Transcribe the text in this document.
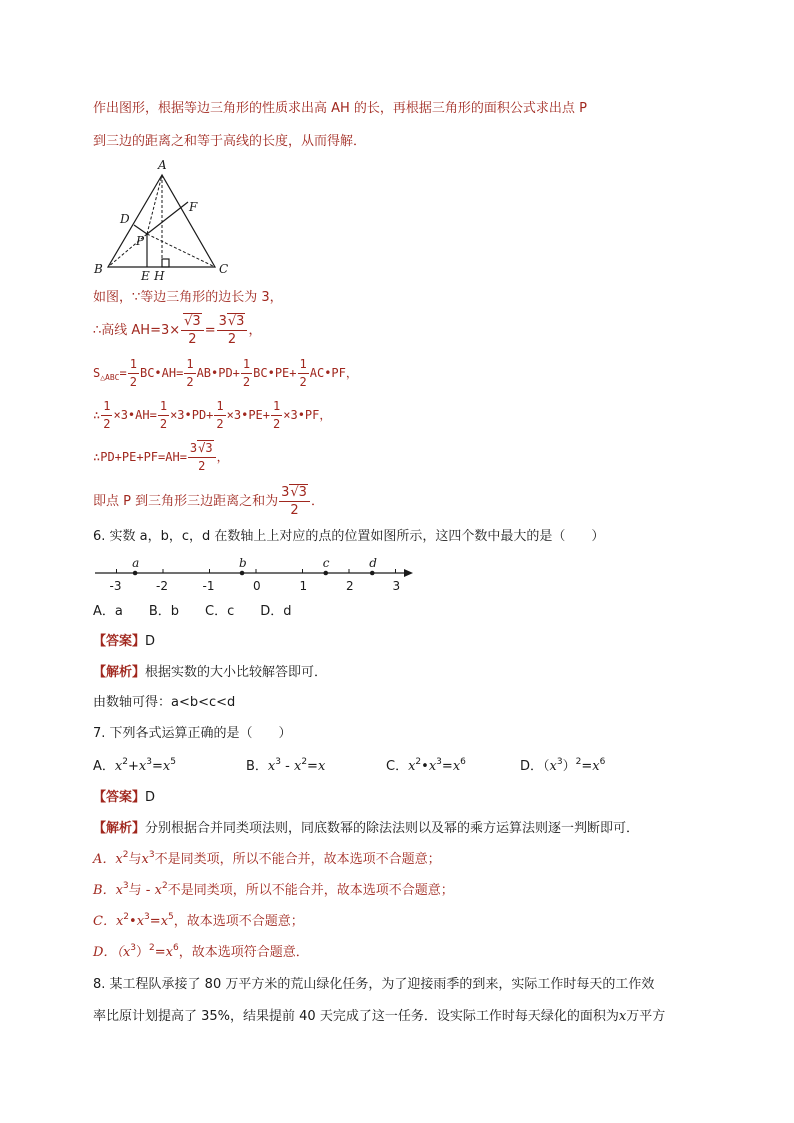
作出图形，根据等边三角形的性质求出高 AH 的长，再根据三角形的面积公式求出点 P
到三边的距离之和等于高线的长度，从而得解．
A
B	C
D
F
P
E H
如图，∵等边三角形的边长为 3，
∴高线 $AH=3\times \frac{√3}{2} = \frac{3√3}{2}$ ，
$S_{\triangle ABC}= \frac{1}{2}$ BC•AH= $\frac{1}{2}$ AB•PD+ $\frac{1}{2}$ BC•PE+ $\frac{1}{2}$ AC•PF，
∴ $\frac{1}{2}$ ×3•AH= $\frac{1}{2}$ ×3•PD+ $\frac{1}{2}$ ×3•PE+ $\frac{1}{2}$ ×3•PF，
∴PD+PE+PF=AH= $\frac{3√3}{2}$ ，
即点 P 到三角形三边距离之和为 $\frac{3√3}{2}$ ．
6. 实数 a，b，c，d 在数轴上上对应的点的位置如图所示，这四个数中最大的是（　　）
-3	-2	-1	0	1	2	3
a	b	c	d
A．a　　B．b　　C．c　　D．d
【答案】D
【解析】根据实数的大小比较解答即可．
由数轴可得：a<b<c<d
7. 下列各式运算正确的是（　　）
A．$x^2+x^3=x^5$	B．$x^3 - x^2=x$	C．$x^2•x^3=x^6$	D．$(x^3)^2=x^6$
【答案】D
【解析】分别根据合并同类项法则，同底数幂的除法法则以及幂的乘方运算法则逐一判断即可．
A．$x^2$与$x^3$不是同类项，所以不能合并，故本选项不合题意；
B．$x^3$与 - $x^2$不是同类项，所以不能合并，故本选项不合题意；
C．$x^2•x^3=x^5$，故本选项不合题意；
D．$(x^3)^2=x^6$，故本选项符合题意．
8. 某工程队承接了 80 万平方米的荒山绿化任务，为了迎接雨季的到来，实际工作时每天的工作效
率比原计划提高了 35%，结果提前 40 天完成了这一任务．设实际工作时每天绿化的面积为x万平方
